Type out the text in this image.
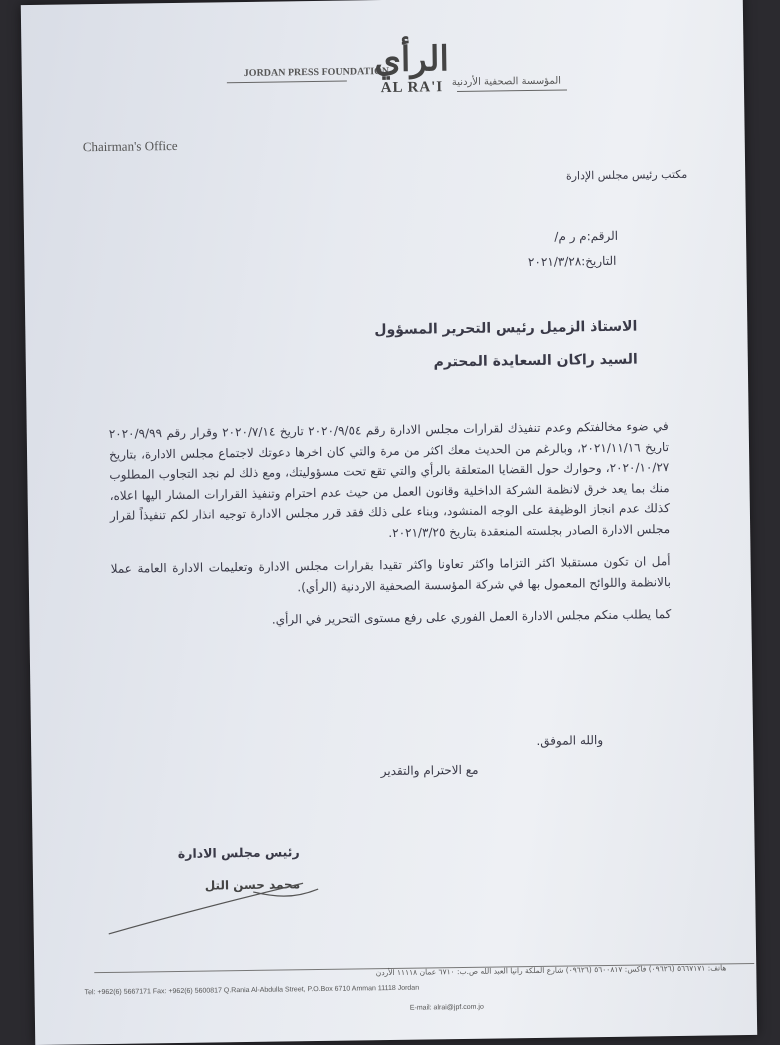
JORDAN PRESS FOUNDATION
الرأي
AL RA'I المؤسسة الصحفية الأردنية
Chairman's Office
مكتب رئيس مجلس الإدارة
الرقم:م ر م/
التاريخ:٢٠٢١/٣/٢٨
الاستاذ الزميل رئيس التحرير المسؤول
السيد راكان السعايدة المحترم

في ضوء مخالفتكم وعدم تنفيذك لقرارات مجلس الادارة رقم ٢٠٢٠/٩/٥٤ تاريخ ٢٠٢٠/٧/١٤ وقرار رقم ٢٠٢٠/٩/٩٩ تاريخ ٢٠٢١/١١/١٦، وبالرغم من الحديث معك اكثر من مرة والتي كان اخرها دعوتك لاجتماع مجلس الادارة، بتاريخ ٢٠٢٠/١٠/٢٧، وحوارك حول القضايا المتعلقة بالرأي والتي تقع تحت مسؤوليتك، ومع ذلك لم نجد التجاوب المطلوب منك بما يعد خرق لانظمة الشركة الداخلية وقانون العمل من حيث عدم احترام وتنفيذ القرارات المشار اليها اعلاه، كذلك عدم انجاز الوظيفة على الوجه المنشود، وبناء على ذلك فقد قرر مجلس الادارة توجيه انذار لكم تنفيذاً لقرار مجلس الادارة الصادر بجلسته المنعقدة بتاريخ ٢٠٢١/٣/٢٥.

أمل ان تكون مستقبلا اكثر التزاما واكثر تعاونا واكثر تقيدا بقرارات مجلس الادارة وتعليمات الادارة العامة عملا بالانظمة واللوائح المعمول بها في شركة المؤسسة الصحفية الاردنية (الرأي).

كما يطلب منكم مجلس الادارة العمل الفوري على رفع مستوى التحرير في الرأي.

والله الموفق.
مع الاحترام والتقدير
رئيس مجلس الادارة
محمد حسن التل
هاتف: ٥٦٦٧١٧١ (٠٩٦٢٦) فاكس: ٥٦٠٠٨١٧ (٠٩٦٢٦) شارع الملكة رانيا العبد الله ص.ب: ٦٧١٠ عمان ١١١١٨ الأردن
Tel: +962(6) 5667171 Fax: +962(6) 5600817 Q.Rania Al-Abdulla Street, P.O.Box 6710 Amman 11118 Jordan
E-mail: alrai@jpf.com.jo
